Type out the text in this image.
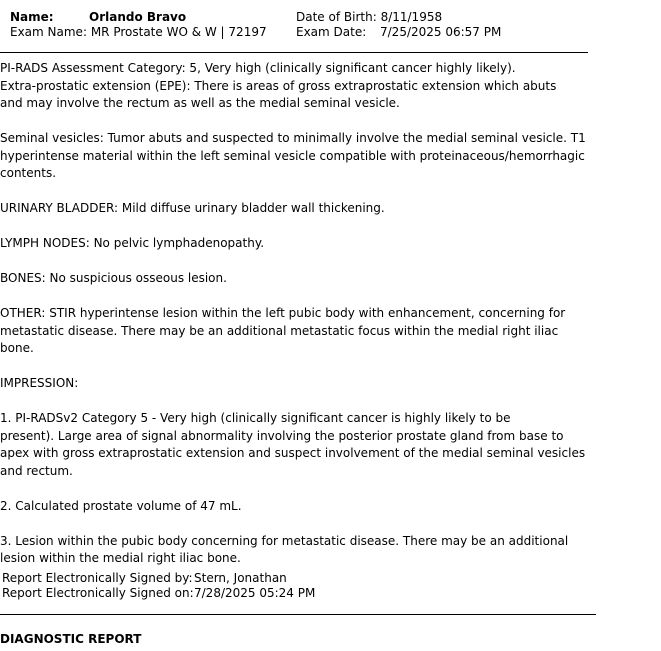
Name:	Orlando Bravo	Date of Birth: 8/11/1958
Exam Name: MR Prostate WO & W | 72197 Exam Date: 7/25/2025 06:57 PM

PI-RADS Assessment Category: 5, Very high (clinically significant cancer highly likely).
Extra-prostatic extension (EPE): There is areas of gross extraprostatic extension which abuts
and may involve the rectum as well as the medial seminal vesicle.

Seminal vesicles: Tumor abuts and suspected to minimally involve the medial seminal vesicle. T1
hyperintense material within the left seminal vesicle compatible with proteinaceous/hemorrhagic
contents.

URINARY BLADDER: Mild diffuse urinary bladder wall thickening.

LYMPH NODES: No pelvic lymphadenopathy.

BONES: No suspicious osseous lesion.

OTHER: STIR hyperintense lesion within the left pubic body with enhancement, concerning for
metastatic disease. There may be an additional metastatic focus within the medial right iliac
bone.

IMPRESSION:

1. PI-RADSv2 Category 5 - Very high (clinically significant cancer is highly likely to be
present). Large area of signal abnormality involving the posterior prostate gland from base to
apex with gross extraprostatic extension and suspect involvement of the medial seminal vesicles
and rectum.

2. Calculated prostate volume of 47 mL.

3. Lesion within the pubic body concerning for metastatic disease. There may be an additional
lesion within the medial right iliac bone.

Report Electronically Signed by:Stern, Jonathan
Report Electronically Signed on:7/28/2025 05:24 PM
DIAGNOSTIC REPORT
